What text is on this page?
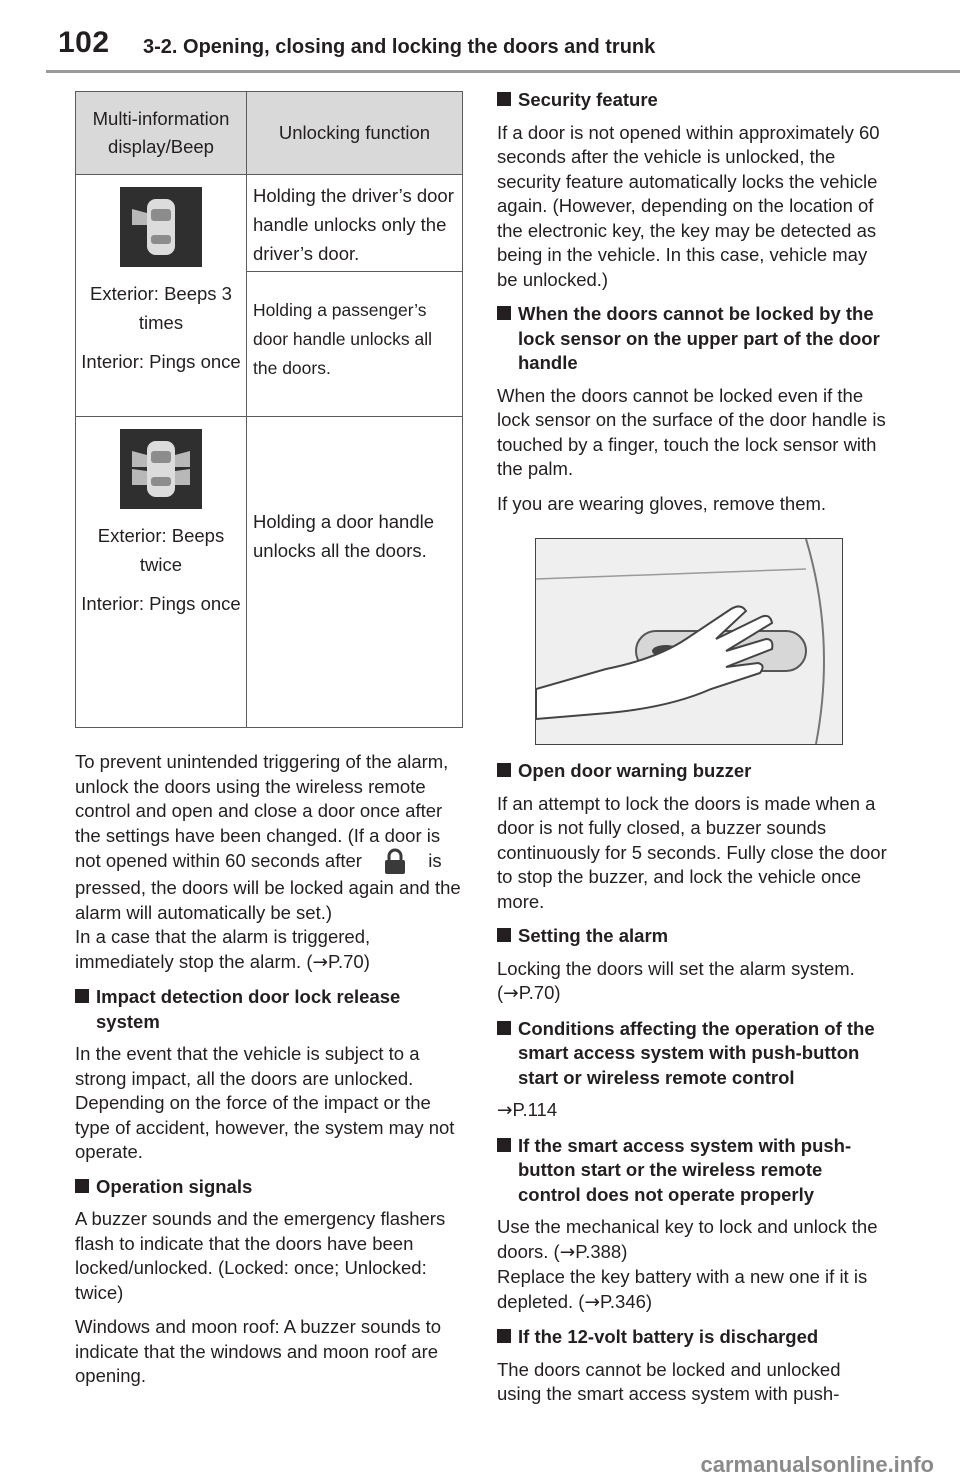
102 3-2. Opening, closing and locking the doors and trunk
Multi-information display/Beep	Unlocking function

Exterior: Beeps 3 times
Interior: Pings once	Holding the driver’s door handle unlocks only the driver’s door.
	Holding a passenger’s door handle unlocks all the doors.

Exterior: Beeps twice
Interior: Pings once	Holding a door handle unlocks all the doors.

To prevent unintended triggering of the alarm, unlock the doors using the wireless remote control and open and close a door once after the settings have been changed. (If a door is not opened within 60 seconds after	is pressed, the doors will be locked again and the alarm will automatically be set.)
In a case that the alarm is triggered, immediately stop the alarm. (→P.70)

Impact detection door lock release system

In the event that the vehicle is subject to a strong impact, all the doors are unlocked. Depending on the force of the impact or the type of accident, however, the system may not operate.

Operation signals

A buzzer sounds and the emergency flashers flash to indicate that the doors have been locked/unlocked. (Locked: once; Unlocked: twice)

Windows and moon roof: A buzzer sounds to indicate that the windows and moon roof are opening.

Security feature

If a door is not opened within approximately 60 seconds after the vehicle is unlocked, the security feature automatically locks the vehicle again. (However, depending on the location of the electronic key, the key may be detected as being in the vehicle. In this case, vehicle may be unlocked.)

When the doors cannot be locked by the lock sensor on the upper part of the door handle

When the doors cannot be locked even if the lock sensor on the surface of the door handle is touched by a finger, touch the lock sensor with the palm.

If you are wearing gloves, remove them.

Open door warning buzzer

If an attempt to lock the doors is made when a door is not fully closed, a buzzer sounds continuously for 5 seconds. Fully close the door to stop the buzzer, and lock the vehicle once more.

Setting the alarm

Locking the doors will set the alarm system. (→P.70)

Conditions affecting the operation of the smart access system with push-button start or wireless remote control

→P.114

If the smart access system with push-button start or the wireless remote control does not operate properly

Use the mechanical key to lock and unlock the doors. (→P.388)
Replace the key battery with a new one if it is depleted. (→P.346)

If the 12-volt battery is discharged

The doors cannot be locked and unlocked using the smart access system with push-

carmanualsonline.info
